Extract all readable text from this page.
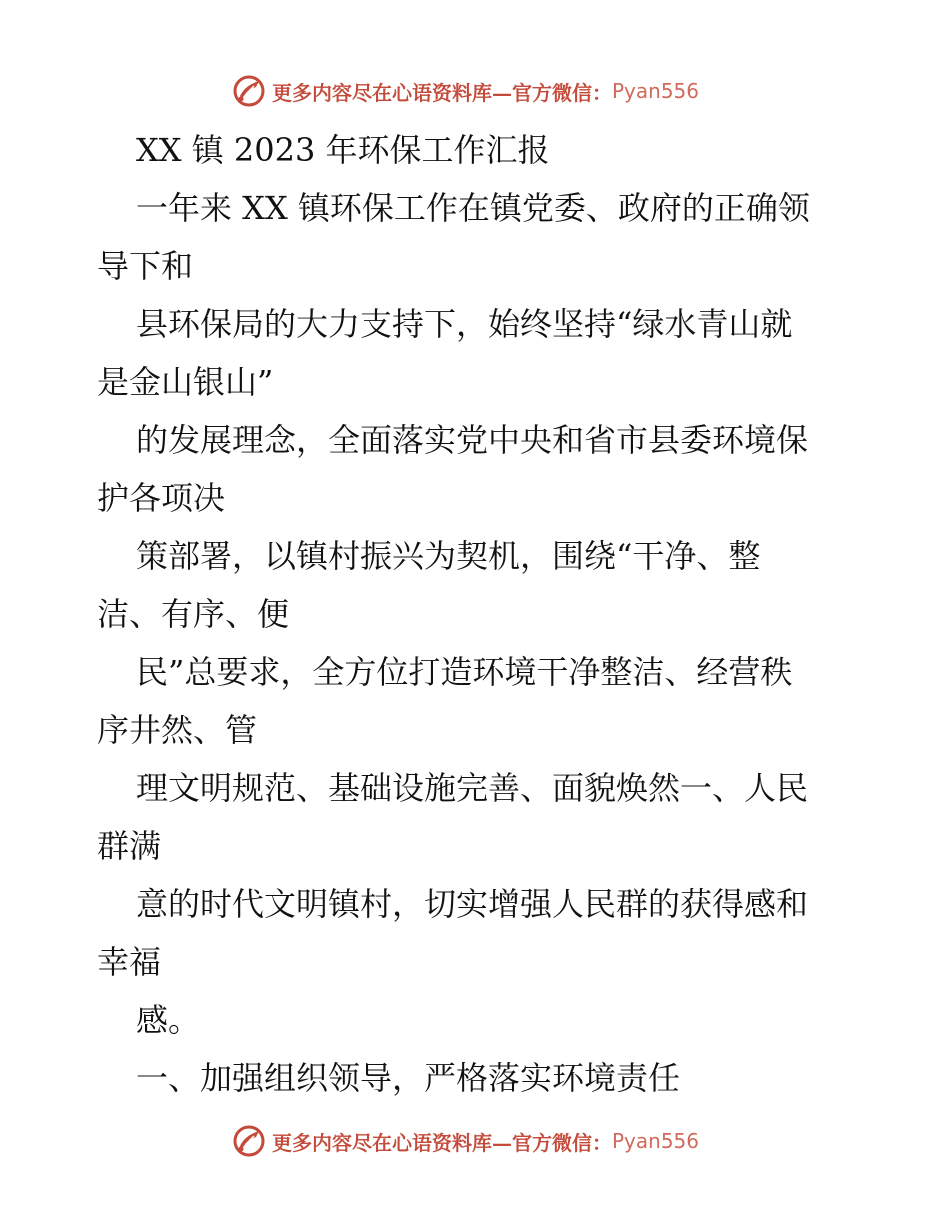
更多内容尽在心语资料库—官方微信： Pyan556
XX 镇 2023 年环保工作汇报
一年来 XX 镇环保工作在镇党委、政府的正确领
导下和
县环保局的大力支持下，始终坚持“绿水青山就
是金山银山”
的发展理念，全面落实党中央和省市县委环境保
护各项决
策部署，以镇村振兴为契机，围绕“干净、整
洁、有序、便
民”总要求，全方位打造环境干净整洁、经营秩
序井然、管
理文明规范、基础设施完善、面貌焕然一、人民
群满
意的时代文明镇村，切实增强人民群的获得感和
幸福
感。
一、加强组织领导，严格落实环境责任
更多内容尽在心语资料库—官方微信： Pyan556
